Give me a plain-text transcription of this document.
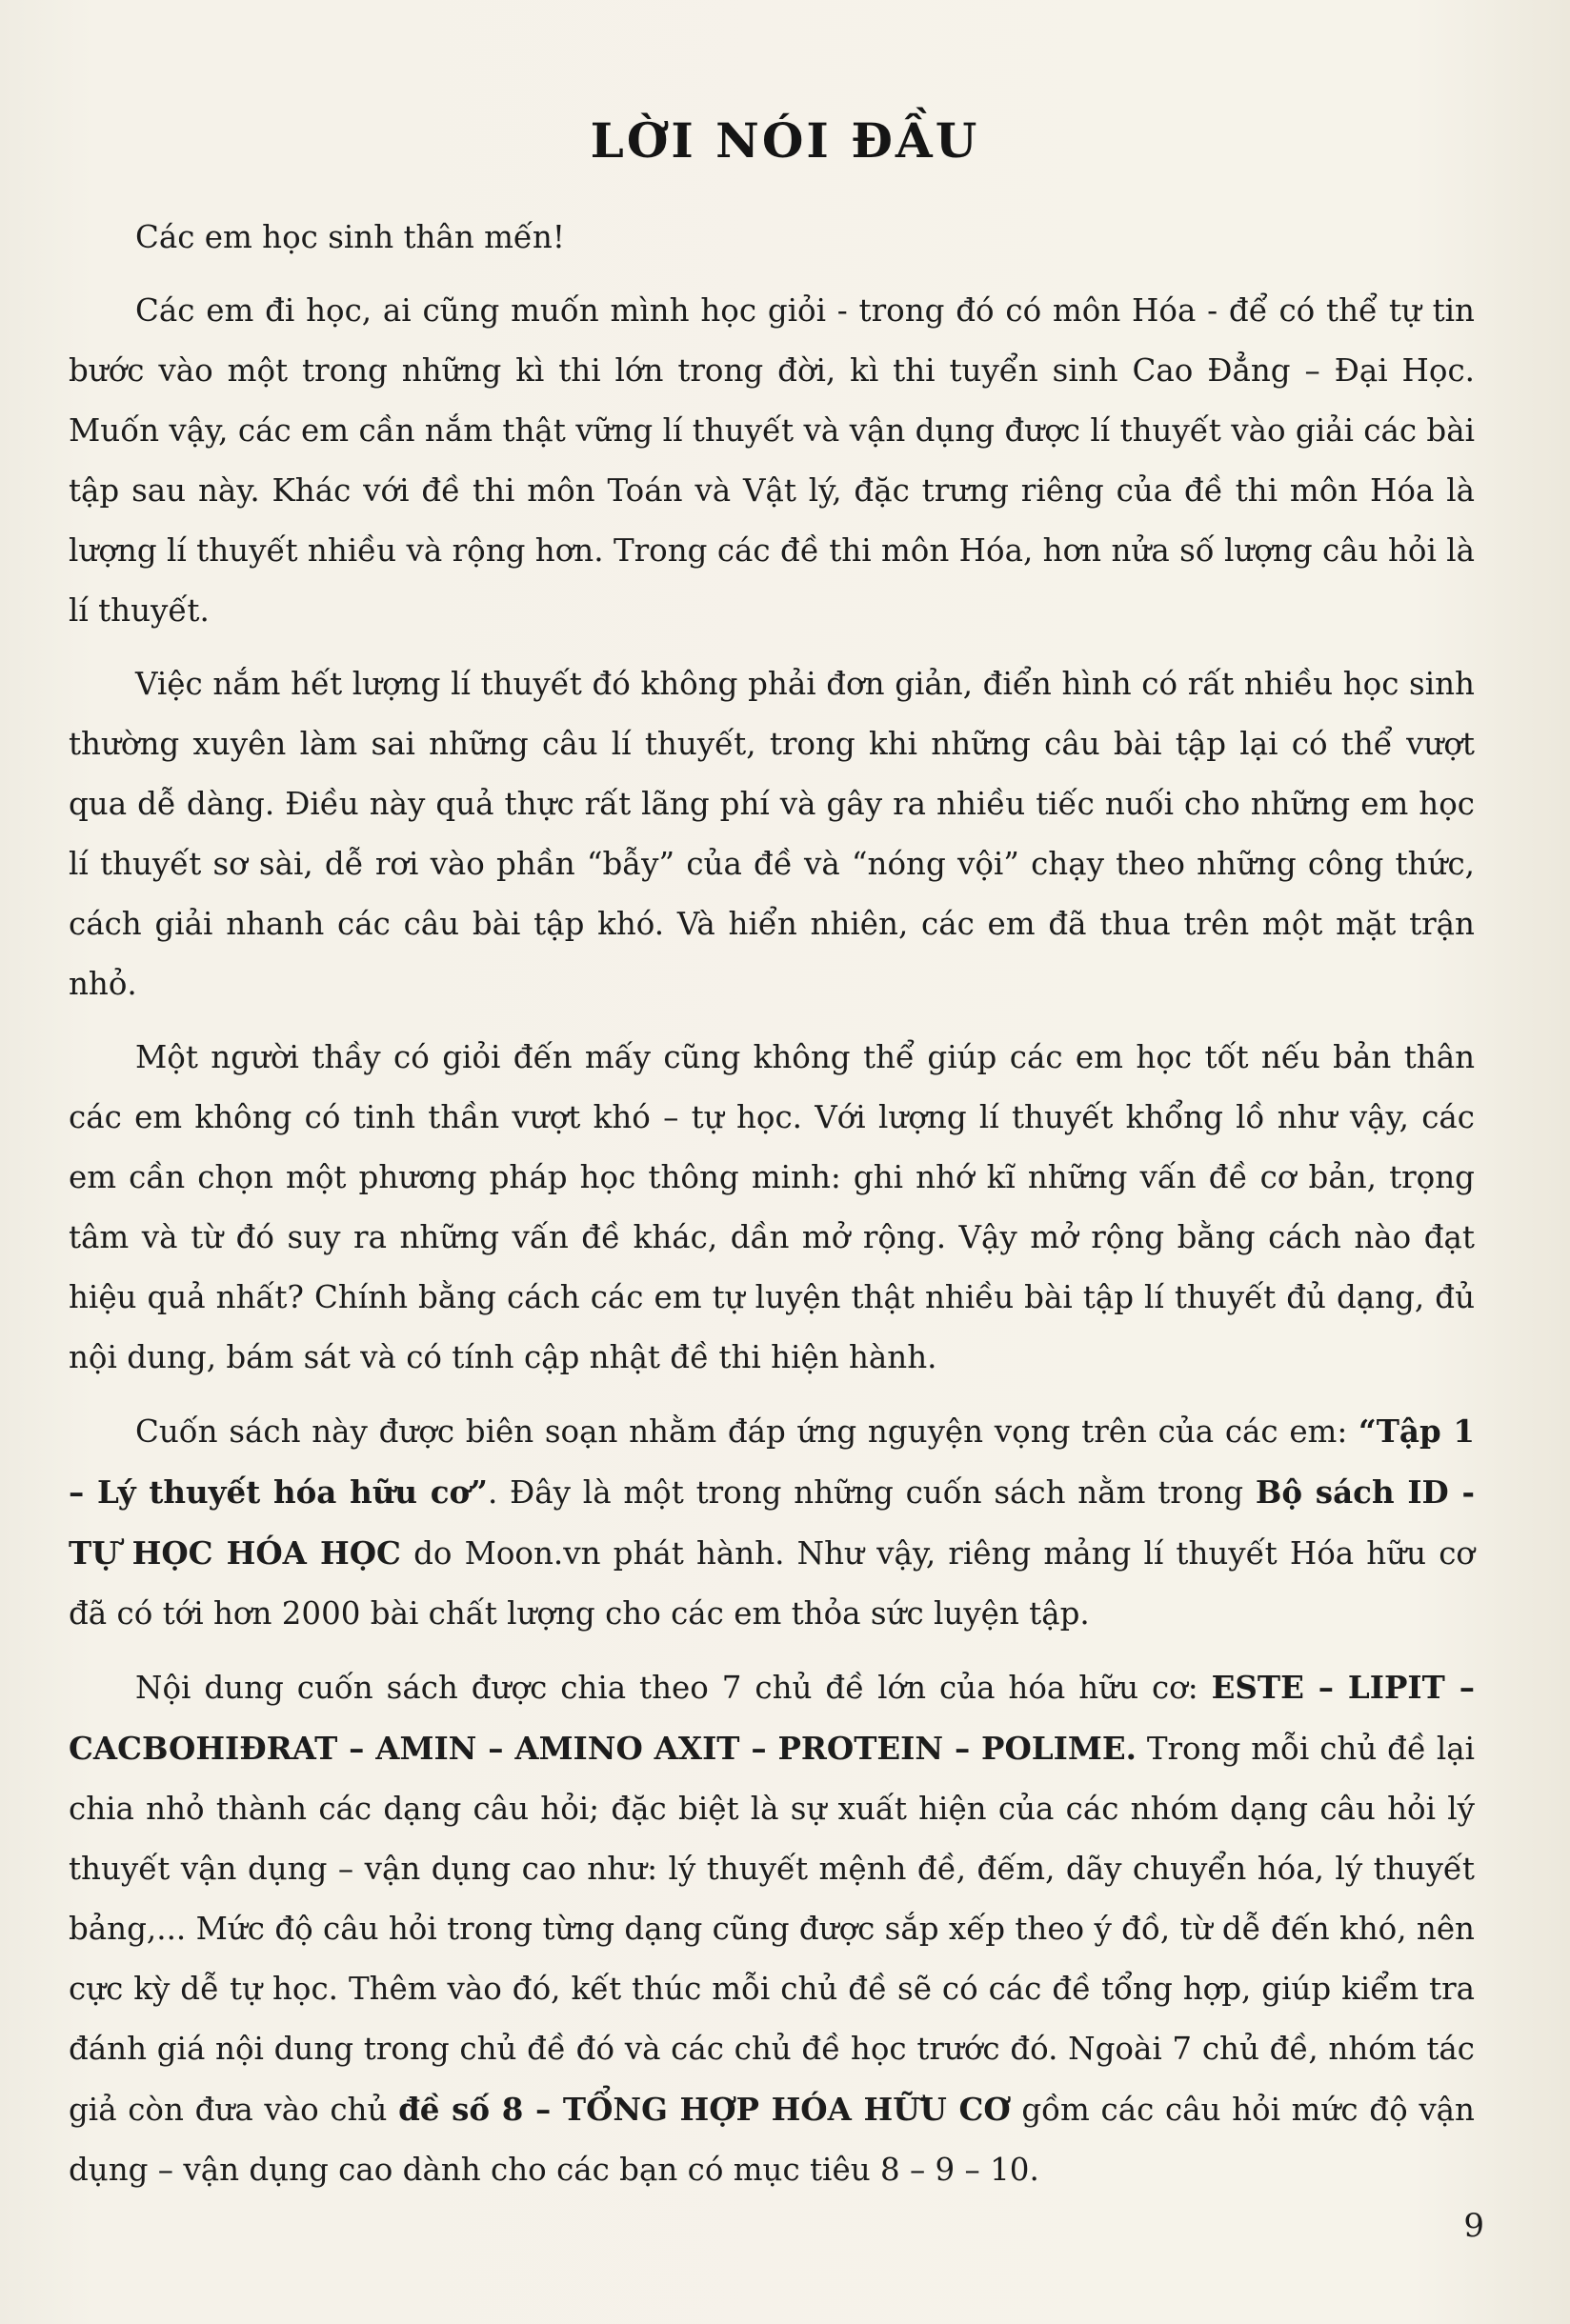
LỜI NÓI ĐẦU

Các em học sinh thân mến!

Các em đi học, ai cũng muốn mình học giỏi - trong đó có môn Hóa - để có thể tự tin bước vào một trong những kì thi lớn trong đời, kì thi tuyển sinh Cao Đẳng – Đại Học. Muốn vậy, các em cần nắm thật vững lí thuyết và vận dụng được lí thuyết vào giải các bài tập sau này. Khác với đề thi môn Toán và Vật lý, đặc trưng riêng của đề thi môn Hóa là lượng lí thuyết nhiều và rộng hơn. Trong các đề thi môn Hóa, hơn nửa số lượng câu hỏi là lí thuyết.

Việc nắm hết lượng lí thuyết đó không phải đơn giản, điển hình có rất nhiều học sinh thường xuyên làm sai những câu lí thuyết, trong khi những câu bài tập lại có thể vượt qua dễ dàng. Điều này quả thực rất lãng phí và gây ra nhiều tiếc nuối cho những em học lí thuyết sơ sài, dễ rơi vào phần “bẫy” của đề và “nóng vội” chạy theo những công thức, cách giải nhanh các câu bài tập khó. Và hiển nhiên, các em đã thua trên một mặt trận nhỏ.

Một người thầy có giỏi đến mấy cũng không thể giúp các em học tốt nếu bản thân các em không có tinh thần vượt khó – tự học. Với lượng lí thuyết khổng lồ như vậy, các em cần chọn một phương pháp học thông minh: ghi nhớ kĩ những vấn đề cơ bản, trọng tâm và từ đó suy ra những vấn đề khác, dần mở rộng. Vậy mở rộng bằng cách nào đạt hiệu quả nhất? Chính bằng cách các em tự luyện thật nhiều bài tập lí thuyết đủ dạng, đủ nội dung, bám sát và có tính cập nhật đề thi hiện hành.

Cuốn sách này được biên soạn nhằm đáp ứng nguyện vọng trên của các em: “Tập 1 – Lý thuyết hóa hữu cơ”. Đây là một trong những cuốn sách nằm trong Bộ sách ID - TỰ HỌC HÓA HỌC do Moon.vn phát hành. Như vậy, riêng mảng lí thuyết Hóa hữu cơ đã có tới hơn 2000 bài chất lượng cho các em thỏa sức luyện tập.

Nội dung cuốn sách được chia theo 7 chủ đề lớn của hóa hữu cơ: ESTE – LIPIT – CACBOHIĐRAT – AMIN – AMINO AXIT – PROTEIN – POLIME. Trong mỗi chủ đề lại chia nhỏ thành các dạng câu hỏi; đặc biệt là sự xuất hiện của các nhóm dạng câu hỏi lý thuyết vận dụng – vận dụng cao như: lý thuyết mệnh đề, đếm, dãy chuyển hóa, lý thuyết bảng,... Mức độ câu hỏi trong từng dạng cũng được sắp xếp theo ý đồ, từ dễ đến khó, nên cực kỳ dễ tự học. Thêm vào đó, kết thúc mỗi chủ đề sẽ có các đề tổng hợp, giúp kiểm tra đánh giá nội dung trong chủ đề đó và các chủ đề học trước đó. Ngoài 7 chủ đề, nhóm tác giả còn đưa vào chủ đề số 8 – TỔNG HỢP HÓA HỮU CƠ gồm các câu hỏi mức độ vận dụng – vận dụng cao dành cho các bạn có mục tiêu 8 – 9 – 10.

9
